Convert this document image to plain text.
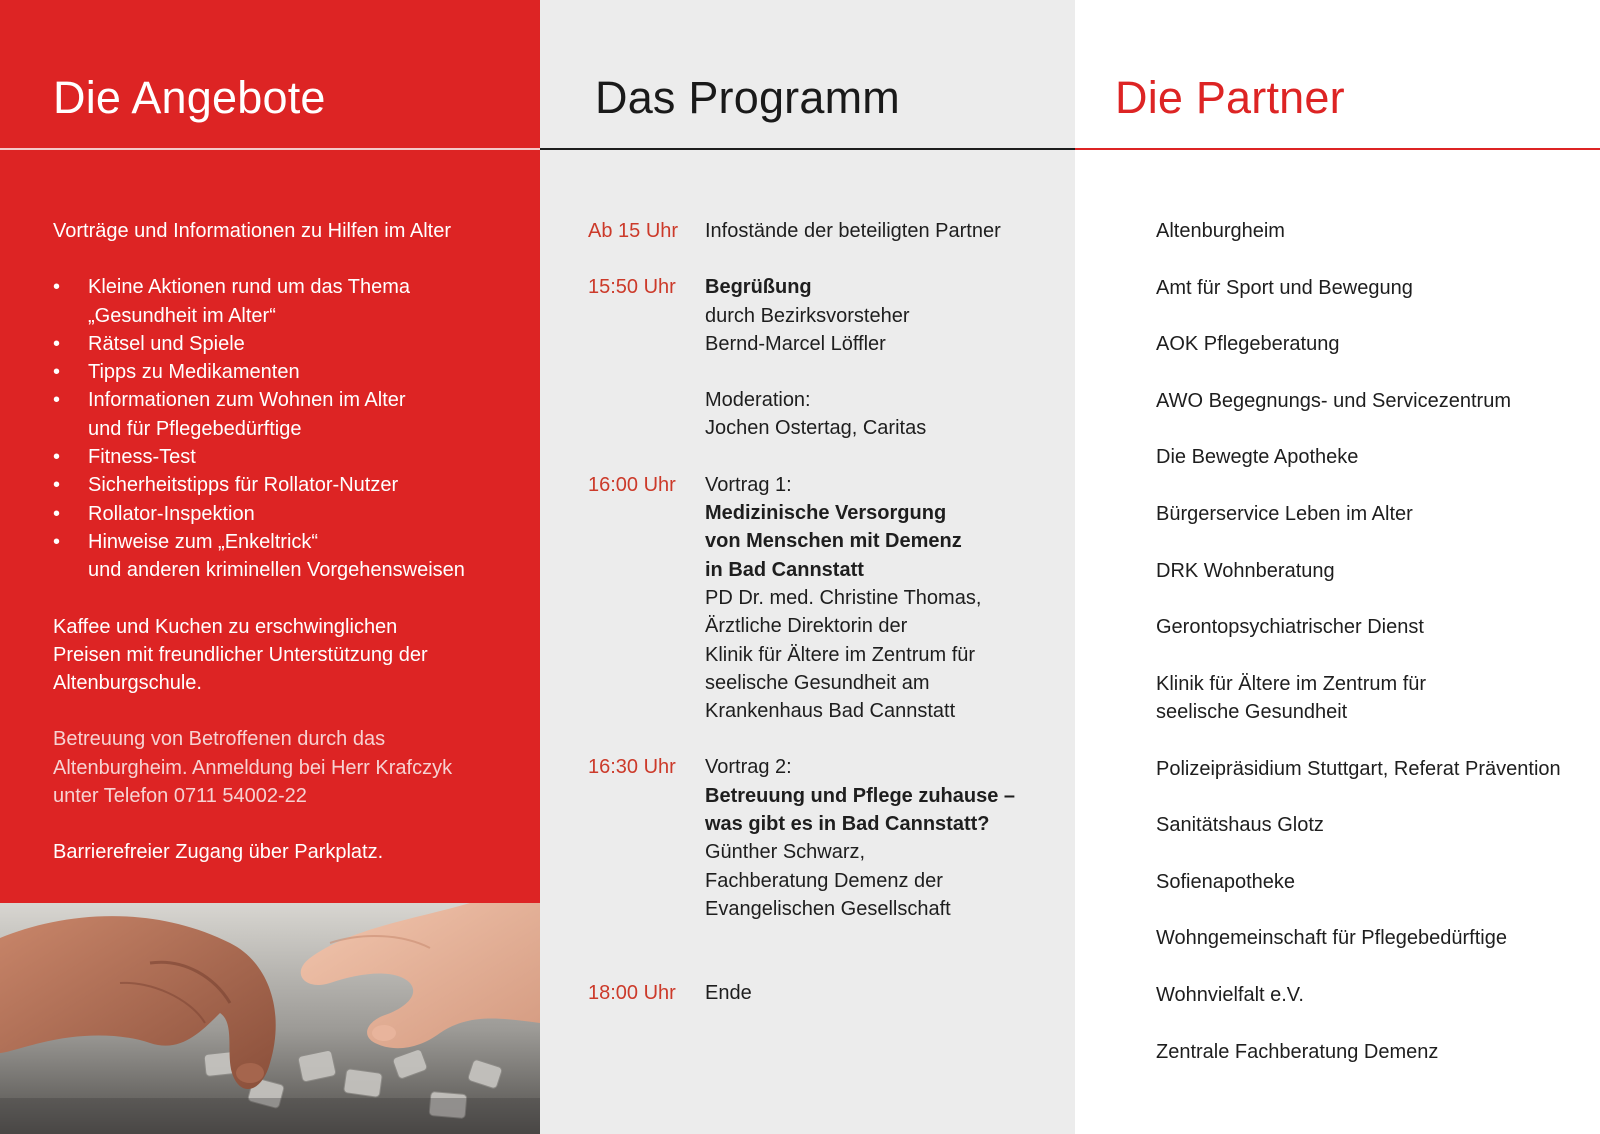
Die Angebote

Vorträge und Informationen zu Hilfen im Alter

• Kleine Aktionen rund um das Thema
„Gesundheit im Alter“
• Rätsel und Spiele
• Tipps zu Medikamenten
• Informationen zum Wohnen im Alter
und für Pflegebedürftige
• Fitness-Test
• Sicherheitstipps für Rollator-Nutzer
• Rollator-Inspektion
• Hinweise zum „Enkeltrick“
und anderen kriminellen Vorgehensweisen

Kaffee und Kuchen zu erschwinglichen
Preisen mit freundlicher Unterstützung der
Altenburgschule.

Betreuung von Betroffenen durch das
Altenburgheim. Anmeldung bei Herr Krafczyk
unter Telefon 0711 54002-22

Barrierefreier Zugang über Parkplatz.

Das Programm
Ab 15 Uhr	Infostände der beteiligten Partner
15:50 Uhr	Begrüßung
durch Bezirksvorsteher
Bernd-Marcel Löffler
Moderation:
Jochen Ostertag, Caritas
16:00 Uhr	Vortrag 1:
Medizinische Versorgung
von Menschen mit Demenz
in Bad Cannstatt
PD Dr. med. Christine Thomas,
Ärztliche Direktorin der
Klinik für Ältere im Zentrum für
seelische Gesundheit am
Krankenhaus Bad Cannstatt
16:30 Uhr	Vortrag 2:
Betreuung und Pflege zuhause –
was gibt es in Bad Cannstatt?
Günther Schwarz,
Fachberatung Demenz der
Evangelischen Gesellschaft
18:00 Uhr	Ende
Die Partner
Altenburgheim
Amt für Sport und Bewegung
AOK Pflegeberatung
AWO Begegnungs- und Servicezentrum
Die Bewegte Apotheke
Bürgerservice Leben im Alter
DRK Wohnberatung
Gerontopsychiatrischer Dienst
Klinik für Ältere im Zentrum für
seelische Gesundheit
Polizeipräsidium Stuttgart, Referat Prävention
Sanitätshaus Glotz
Sofienapotheke
Wohngemeinschaft für Pflegebedürftige
Wohnvielfalt e.V.
Zentrale Fachberatung Demenz
